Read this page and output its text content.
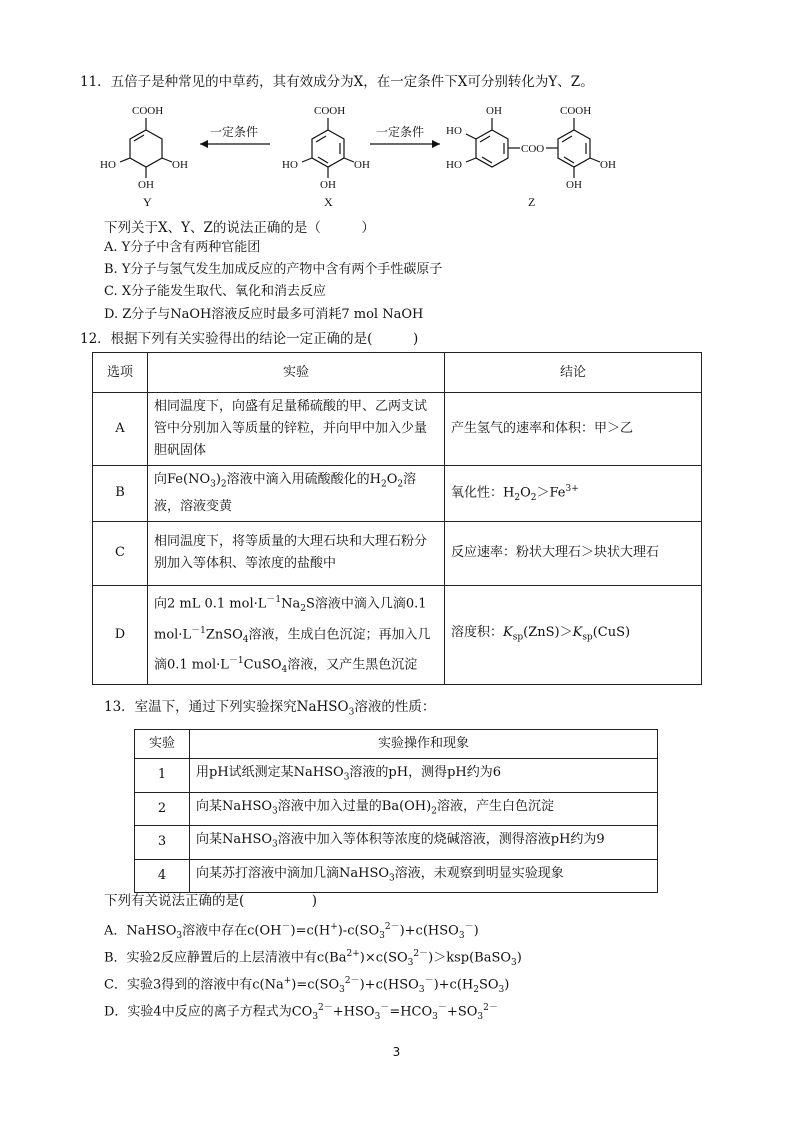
11．五倍子是种常见的中草药，其有效成分为X，在一定条件下X可分别转化为Y、Z。
COOH
HO	OH
OH
Y
一定条件
COOH
HO	OH
OH
X
一定条件
OH
HO
HO
COO
COOH
OH
OH
Z
下列关于X、Y、Z的说法正确的是（　　　）
A. Y分子中含有两种官能团
B. Y分子与氢气发生加成反应的产物中含有两个手性碳原子
C. X分子能发生取代、氧化和消去反应
D. Z分子与NaOH溶液反应时最多可消耗7 mol NaOH
12．根据下列有关实验得出的结论一定正确的是(　　　)
选项	实验	结论
A	相同温度下，向盛有足量稀硫酸的甲、乙两支试管中分别加入等质量的锌粒，并向甲中加入少量胆矾固体	产生氢气的速率和体积：甲＞乙
B	向$Fe(NO_3)_2$溶液中滴入用硫酸酸化的$H_2O_2$溶液，溶液变黄	氧化性：$H_2O_2>Fe^{3+}$
C	相同温度下，将等质量的大理石块和大理石粉分别加入等体积、等浓度的盐酸中	反应速率：粉状大理石＞块状大理石
D	向2 mL 0.1 $mol\cdot L^{-1}Na_2S$溶液中滴入几滴0.1 $mol\cdot L^{-1}ZnSO_4$溶液，生成白色沉淀；再加入几滴0.1 $mol\cdot L^{-1}CuSO_4$溶液，又产生黑色沉淀	溶度积：$K_{sp}(ZnS)>K_{sp}(CuS)$
13．室温下，通过下列实验探究NaHSO$_3$溶液的性质：
实验	实验操作和现象
1	用pH试纸测定某NaHSO$_3$溶液的pH，测得pH约为6
2	向某NaHSO$_3$溶液中加入过量的$Ba(OH)_2$溶液，产生白色沉淀
3	向某NaHSO$_3$溶液中加入等体积等浓度的烧碱溶液，测得溶液pH约为9
4	向某苏打溶液中滴加几滴NaHSO$_3$溶液，未观察到明显实验现象
下列有关说法正确的是(　　　　　)
A．NaHSO$_3$溶液中存在$c(OH^-)=c(H^+)-c(SO_3^{2-})+c(HSO_3^-)$
B．实验2反应静置后的上层清液中有$c(Ba^{2+})\times c(SO_3^{2-})>ksp(BaSO_3)$
C．实验3得到的溶液中有$c(Na^+)=c(SO_3^{2-})+c(HSO_3^-)+c(H_2SO_3)$
D．实验4中反应的离子方程式为$CO_3^{2-}+HSO_3^-=HCO_3^-+SO_3^{2-}$
3
